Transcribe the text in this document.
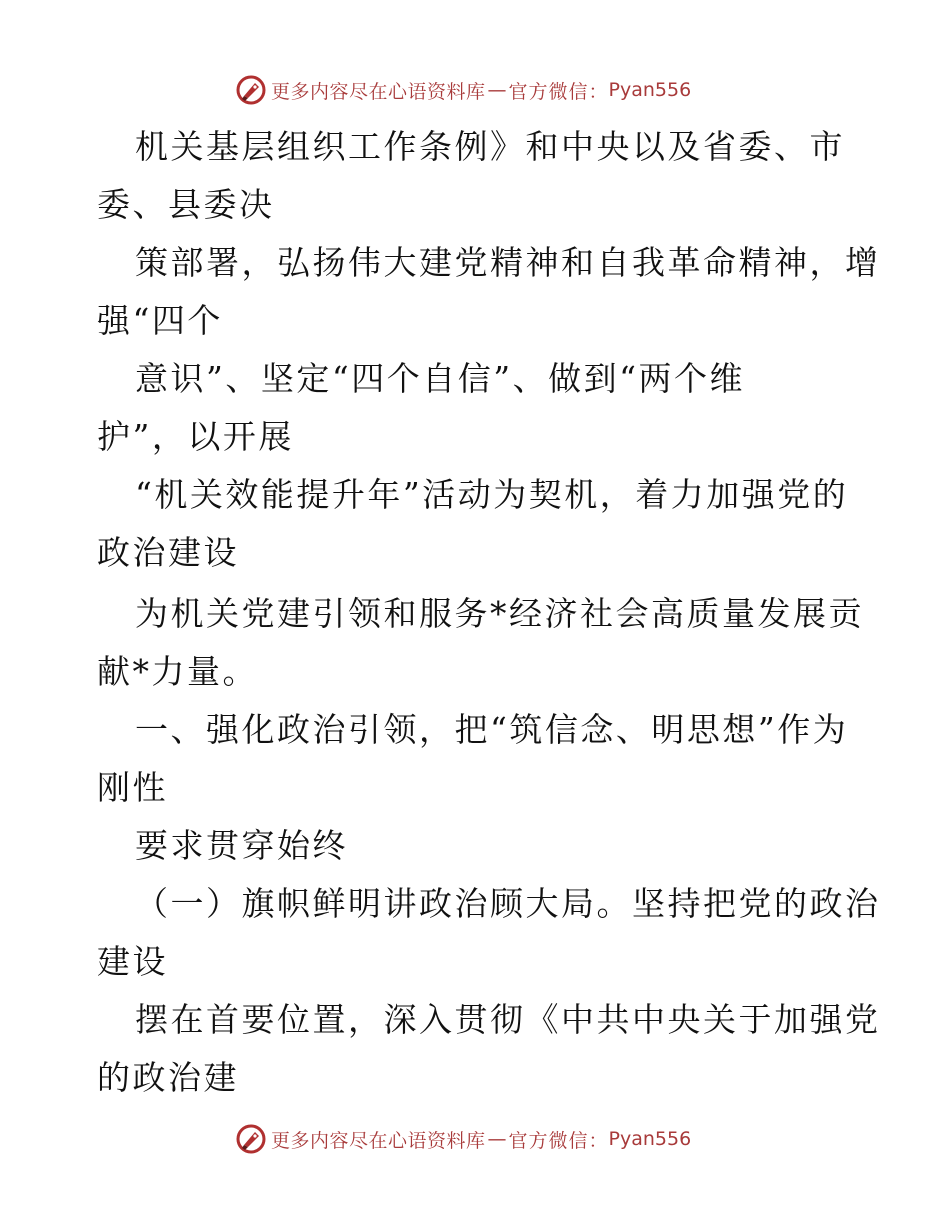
更多内容尽在心语资料库 — 官方微信： Pyan556
机关基层组织工作条例》和中央以及省委、市
委、县委决
策部署，弘扬伟大建党精神和自我革命精神，增
强“四个
意识”、坚定“四个自信”、做到“两个维
护”，以开展
“机关效能提升年”活动为契机，着力加强党的
政治建设
为机关党建引领和服务*经济社会高质量发展贡
献*力量。
一、强化政治引领，把“筑信念、明思想”作为
刚性
要求贯穿始终
（一）旗帜鲜明讲政治顾大局。坚持把党的政治
建设
摆在首要位置，深入贯彻《中共中央关于加强党
的政治建
更多内容尽在心语资料库 — 官方微信： Pyan556
